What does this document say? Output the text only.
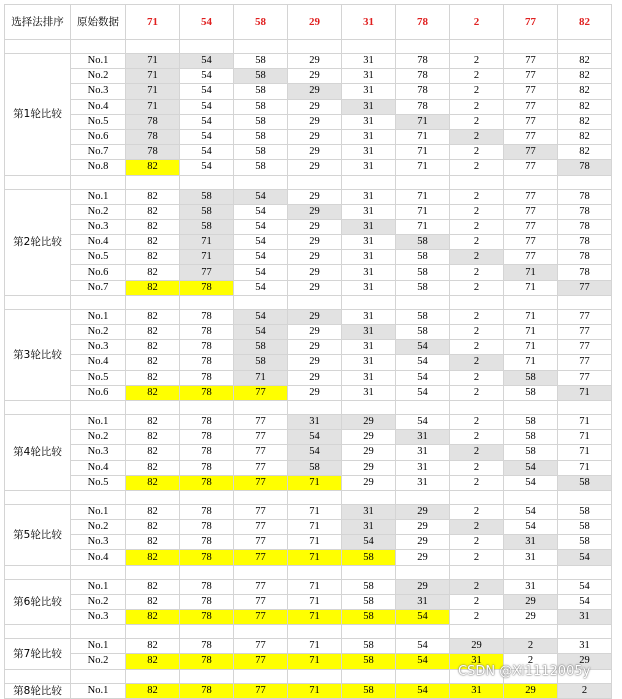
选择法排序	原始数据	71	54	58	29	31	78	2	77	82

第1轮比较	No.1	71	54	58	29	31	78	2	77	82
	No.2	71	54	58	29	31	78	2	77	82
	No.3	71	54	58	29	31	78	2	77	82
	No.4	71	54	58	29	31	78	2	77	82
	No.5	78	54	58	29	31	71	2	77	82
	No.6	78	54	58	29	31	71	2	77	82
	No.7	78	54	58	29	31	71	2	77	82
	No.8	82	54	58	29	31	71	2	77	78

第2轮比较	No.1	82	58	54	29	31	71	2	77	78
	No.2	82	58	54	29	31	71	2	77	78
	No.3	82	58	54	29	31	71	2	77	78
	No.4	82	71	54	29	31	58	2	77	78
	No.5	82	71	54	29	31	58	2	77	78
	No.6	82	77	54	29	31	58	2	71	78
	No.7	82	78	54	29	31	58	2	71	77

第3轮比较	No.1	82	78	54	29	31	58	2	71	77
	No.2	82	78	54	29	31	58	2	71	77
	No.3	82	78	58	29	31	54	2	71	77
	No.4	82	78	58	29	31	54	2	71	77
	No.5	82	78	71	29	31	54	2	58	77
	No.6	82	78	77	29	31	54	2	58	71

第4轮比较	No.1	82	78	77	31	29	54	2	58	71
	No.2	82	78	77	54	29	31	2	58	71
	No.3	82	78	77	54	29	31	2	58	71
	No.4	82	78	77	58	29	31	2	54	71
	No.5	82	78	77	71	29	31	2	54	58

第5轮比较	No.1	82	78	77	71	31	29	2	54	58
	No.2	82	78	77	71	31	29	2	54	58
	No.3	82	78	77	71	54	29	2	31	58
	No.4	82	78	77	71	58	29	2	31	54

第6轮比较	No.1	82	78	77	71	58	29	2	31	54
	No.2	82	78	77	71	58	31	2	29	54
	No.3	82	78	77	71	58	54	2	29	31

第7轮比较	No.1	82	78	77	71	58	54	29	2	31
	No.2	82	78	77	71	58	54	31	2	29

第8轮比较	No.1	82	78	77	71	58	54	31	29	2
CSDN @Xi1112005y
